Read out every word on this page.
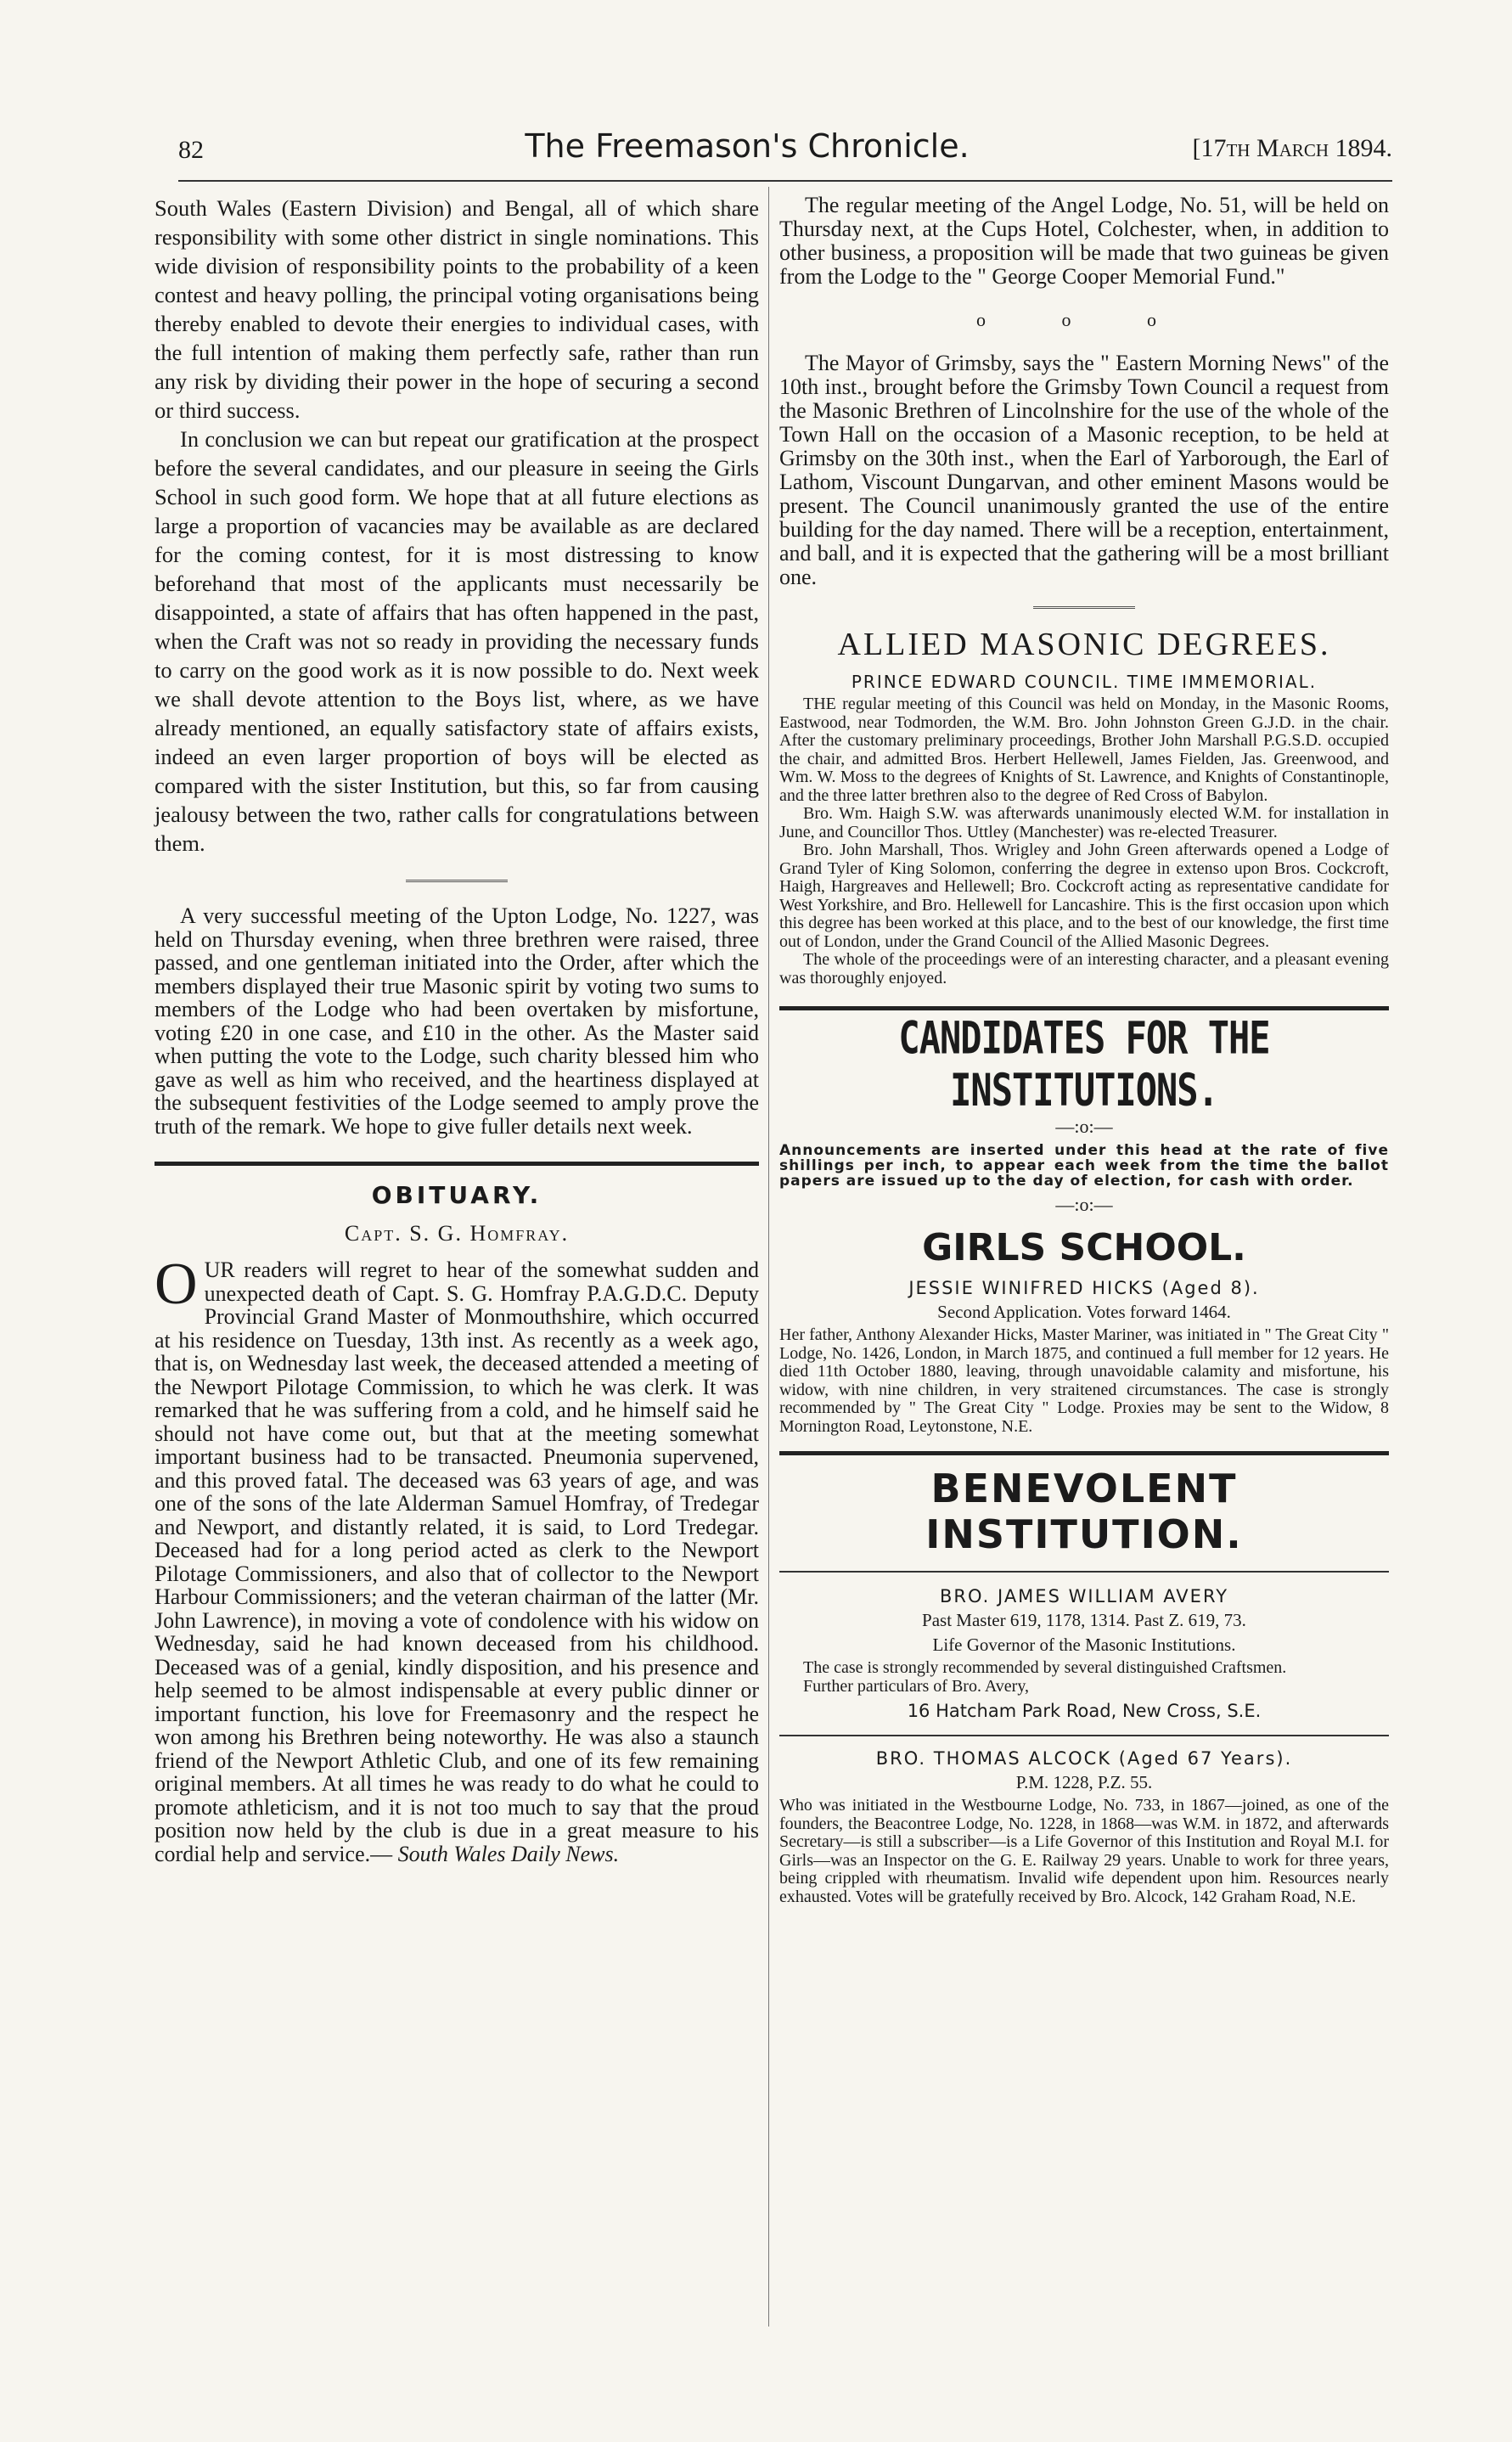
82	The Freemason's Chronicle.	[17th March 1894.

South Wales (Eastern Division) and Bengal, all of which share responsibility with some other district in single nominations. This wide division of responsibility points to the probability of a keen contest and heavy polling, the principal voting organisations being thereby enabled to devote their energies to individual cases, with the full intention of making them perfectly safe, rather than run any risk by dividing their power in the hope of securing a second or third success.

In conclusion we can but repeat our gratification at the prospect before the several candidates, and our pleasure in seeing the Girls School in such good form. We hope that at all future elections as large a proportion of vacancies may be available as are declared for the coming contest, for it is most distressing to know beforehand that most of the applicants must necessarily be disappointed, a state of affairs that has often happened in the past, when the Craft was not so ready in providing the necessary funds to carry on the good work as it is now possible to do. Next week we shall devote attention to the Boys list, where, as we have already mentioned, an equally satisfactory state of affairs exists, indeed an even larger proportion of boys will be elected as compared with the sister Institution, but this, so far from causing jealousy between the two, rather calls for congratulations between them.

A very successful meeting of the Upton Lodge, No. 1227, was held on Thursday evening, when three brethren were raised, three passed, and one gentleman initiated into the Order, after which the members displayed their true Masonic spirit by voting two sums to members of the Lodge who had been overtaken by misfortune, voting £20 in one case, and £10 in the other. As the Master said when putting the vote to the Lodge, such charity blessed him who gave as well as him who received, and the heartiness displayed at the subsequent festivities of the Lodge seemed to amply prove the truth of the remark. We hope to give fuller details next week.

OBITUARY.
Capt. S. G. Homfray.

OUR readers will regret to hear of the somewhat sudden and unexpected death of Capt. S. G. Homfray P.A.G.D.C. Deputy Provincial Grand Master of Monmouthshire, which occurred at his residence on Tuesday, 13th inst. As recently as a week ago, that is, on Wednesday last week, the deceased attended a meeting of the Newport Pilotage Commission, to which he was clerk. It was remarked that he was suffering from a cold, and he himself said he should not have come out, but that at the meeting somewhat important business had to be transacted. Pneumonia supervened, and this proved fatal. The deceased was 63 years of age, and was one of the sons of the late Alderman Samuel Homfray, of Tredegar and Newport, and distantly related, it is said, to Lord Tredegar. Deceased had for a long period acted as clerk to the Newport Pilotage Commissioners, and also that of collector to the Newport Harbour Commissioners; and the veteran chairman of the latter (Mr. John Lawrence), in moving a vote of condolence with his widow on Wednesday, said he had known deceased from his childhood. Deceased was of a genial, kindly disposition, and his presence and help seemed to be almost indispensable at every public dinner or important function, his love for Freemasonry and the respect he won among his Brethren being noteworthy. He was also a staunch friend of the Newport Athletic Club, and one of its few remaining original members. At all times he was ready to do what he could to promote athleticism, and it is not too much to say that the proud position now held by the club is due in a great measure to his cordial help and service.— South Wales Daily News.

The regular meeting of the Angel Lodge, No. 51, will be held on Thursday next, at the Cups Hotel, Colchester, when, in addition to other business, a proposition will be made that two guineas be given from the Lodge to the " George Cooper Memorial Fund."

o o o

The Mayor of Grimsby, says the " Eastern Morning News" of the 10th inst., brought before the Grimsby Town Council a request from the Masonic Brethren of Lincolnshire for the use of the whole of the Town Hall on the occasion of a Masonic reception, to be held at Grimsby on the 30th inst., when the Earl of Yarborough, the Earl of Lathom, Viscount Dungarvan, and other eminent Masons would be present. The Council unanimously granted the use of the entire building for the day named. There will be a reception, entertainment, and ball, and it is expected that the gathering will be a most brilliant one.

ALLIED MASONIC DEGREES.
PRINCE EDWARD COUNCIL. TIME IMMEMORIAL.

THE regular meeting of this Council was held on Monday, in the Masonic Rooms, Eastwood, near Todmorden, the W.M. Bro. John Johnston Green G.J.D. in the chair. After the customary preliminary proceedings, Brother John Marshall P.G.S.D. occupied the chair, and admitted Bros. Herbert Hellewell, James Fielden, Jas. Greenwood, and Wm. W. Moss to the degrees of Knights of St. Lawrence, and Knights of Constantinople, and the three latter brethren also to the degree of Red Cross of Babylon.

Bro. Wm. Haigh S.W. was afterwards unanimously elected W.M. for installation in June, and Councillor Thos. Uttley (Manchester) was re-elected Treasurer.

Bro. John Marshall, Thos. Wrigley and John Green afterwards opened a Lodge of Grand Tyler of King Solomon, conferring the degree in extenso upon Bros. Cockcroft, Haigh, Hargreaves and Hellewell; Bro. Cockcroft acting as representative candidate for West Yorkshire, and Bro. Hellewell for Lancashire. This is the first occasion upon which this degree has been worked at this place, and to the best of our knowledge, the first time out of London, under the Grand Council of the Allied Masonic Degrees.

The whole of the proceedings were of an interesting character, and a pleasant evening was thoroughly enjoyed.

CANDIDATES FOR THE INSTITUTIONS.
—:o:—

Announcements are inserted under this head at the rate of five shillings per inch, to appear each week from the time the ballot papers are issued up to the day of election, for cash with order.

—:o:—
GIRLS SCHOOL.
JESSIE WINIFRED HICKS (Aged 8).
Second Application. Votes forward 1464.

Her father, Anthony Alexander Hicks, Master Mariner, was initiated in " The Great City " Lodge, No. 1426, London, in March 1875, and continued a full member for 12 years. He died 11th October 1880, leaving, through unavoidable calamity and misfortune, his widow, with nine children, in very straitened circumstances. The case is strongly recommended by " The Great City " Lodge. Proxies may be sent to the Widow, 8 Mornington Road, Leytonstone, N.E.

BENEVOLENT INSTITUTION.
BRO. JAMES WILLIAM AVERY
Past Master 619, 1178, 1314. Past Z. 619, 73.
Life Governor of the Masonic Institutions.

The case is strongly recommended by several distinguished Craftsmen.

Further particulars of Bro. Avery,

16 Hatcham Park Road, New Cross, S.E.
BRO. THOMAS ALCOCK (Aged 67 Years).
P.M. 1228, P.Z. 55.

Who was initiated in the Westbourne Lodge, No. 733, in 1867—joined, as one of the founders, the Beacontree Lodge, No. 1228, in 1868—was W.M. in 1872, and afterwards Secretary—is still a subscriber—is a Life Governor of this Institution and Royal M.I. for Girls—was an Inspector on the G. E. Railway 29 years. Unable to work for three years, being crippled with rheumatism. Invalid wife dependent upon him. Resources nearly exhausted. Votes will be gratefully received by Bro. Alcock, 142 Graham Road, N.E.
